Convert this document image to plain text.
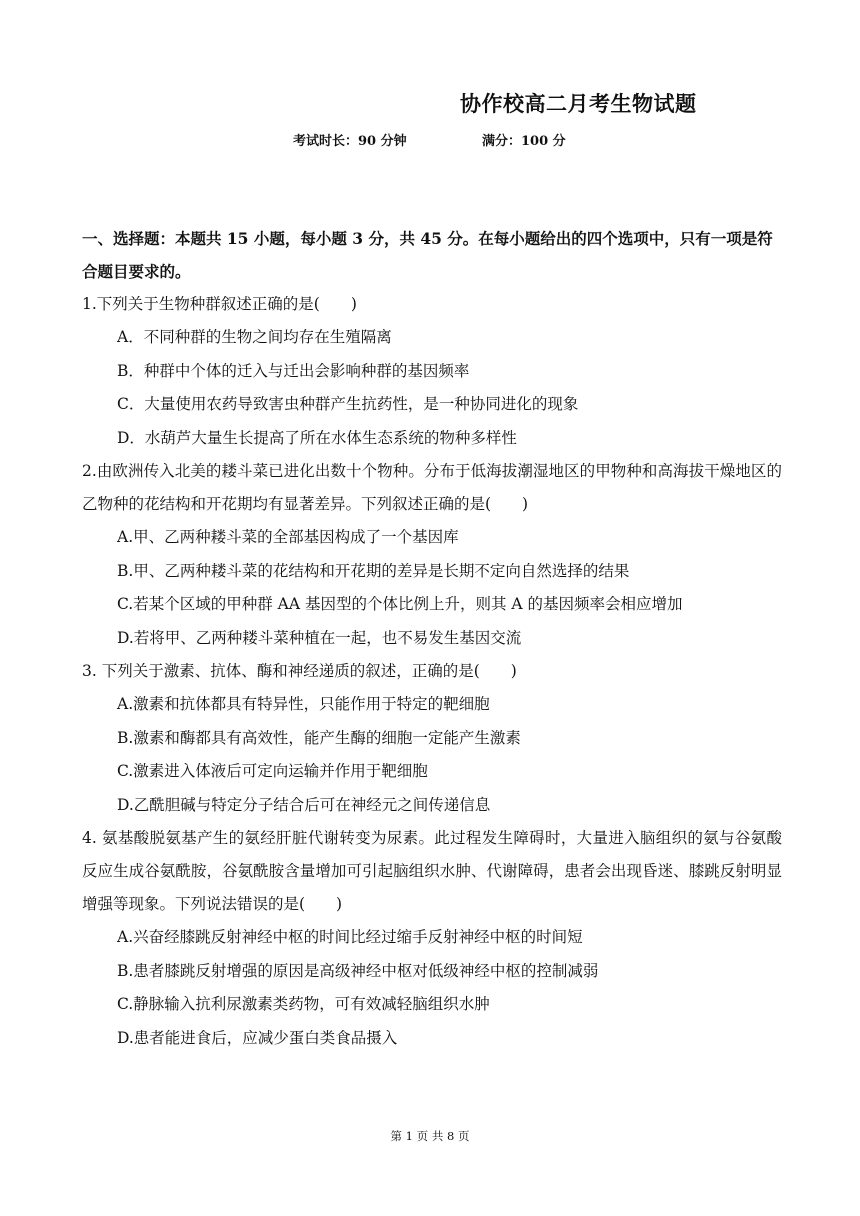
协作校高二月考生物试题
考试时长：90 分钟	满分：100 分

一、选择题：本题共 15 小题，每小题 3 分，共 45 分。在每小题给出的四个选项中，只有一项是符合题目要求的。

1.下列关于生物种群叙述正确的是(　　)

A．不同种群的生物之间均存在生殖隔离

B．种群中个体的迁入与迁出会影响种群的基因频率

C．大量使用农药导致害虫种群产生抗药性，是一种协同进化的现象

D．水葫芦大量生长提高了所在水体生态系统的物种多样性

2.由欧洲传入北美的耧斗菜已进化出数十个物种。分布于低海拔潮湿地区的甲物种和高海拔干燥地区的乙物种的花结构和开花期均有显著差异。下列叙述正确的是(　　)

A.甲、乙两种耧斗菜的全部基因构成了一个基因库

B.甲、乙两种耧斗菜的花结构和开花期的差异是长期不定向自然选择的结果

C.若某个区域的甲种群 AA 基因型的个体比例上升，则其 A 的基因频率会相应增加

D.若将甲、乙两种耧斗菜种植在一起，也不易发生基因交流

3. 下列关于激素、抗体、酶和神经递质的叙述，正确的是(　　)

A.激素和抗体都具有特异性，只能作用于特定的靶细胞

B.激素和酶都具有高效性，能产生酶的细胞一定能产生激素

C.激素进入体液后可定向运输并作用于靶细胞

D.乙酰胆碱与特定分子结合后可在神经元之间传递信息

4. 氨基酸脱氨基产生的氨经肝脏代谢转变为尿素。此过程发生障碍时，大量进入脑组织的氨与谷氨酸反应生成谷氨酰胺，谷氨酰胺含量增加可引起脑组织水肿、代谢障碍，患者会出现昏迷、膝跳反射明显增强等现象。下列说法错误的是(　　)

A.兴奋经膝跳反射神经中枢的时间比经过缩手反射神经中枢的时间短

B.患者膝跳反射增强的原因是高级神经中枢对低级神经中枢的控制减弱

C.静脉输入抗利尿激素类药物，可有效减轻脑组织水肿

D.患者能进食后，应减少蛋白类食品摄入

第 1 页 共 8 页
